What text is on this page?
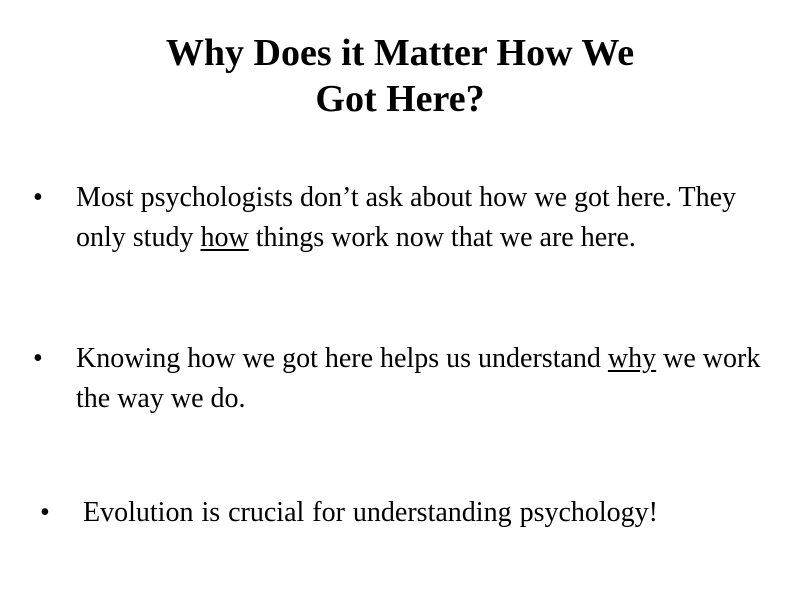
Why Does it Matter How We
Got Here?
• Most psychologists don’t ask about how we got here. They only study how things work now that we are here.
• Knowing how we got here helps us understand why we work the way we do.
• Evolution is crucial for understanding psychology!
